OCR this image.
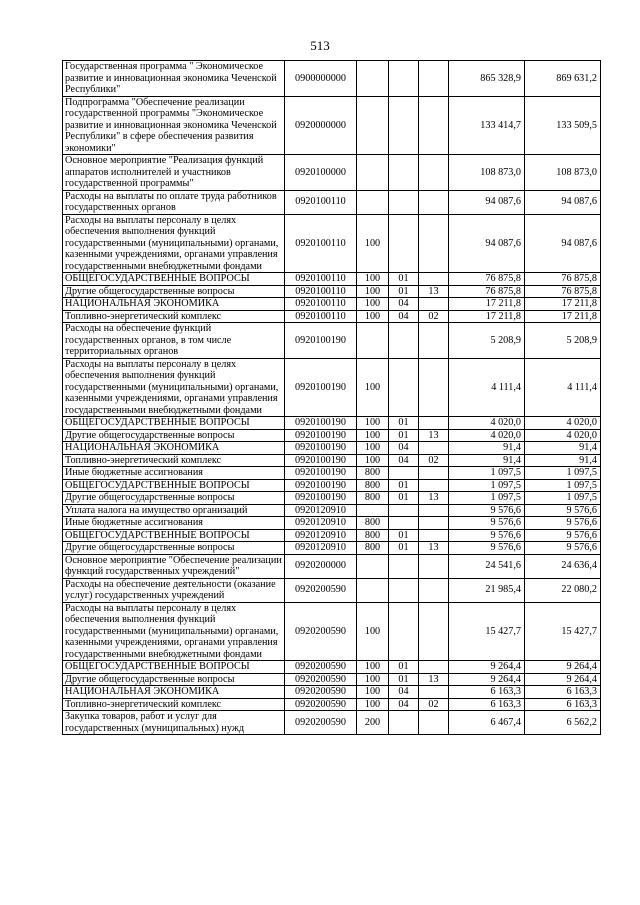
513
Государственная программа " Экономическое развитие и инновационная экономика Чеченской Республики"	0900000000				865 328,9	869 631,2
Подпрограмма "Обеспечение реализации государственной программы "Экономическое развитие и инновационная экономика Чеченской Республики" в сфере обеспечения развития экономики"	0920000000				133 414,7	133 509,5
Основное мероприятие "Реализация функций аппаратов исполнителей и участников государственной программы"	0920100000				108 873,0	108 873,0
Расходы на выплаты по оплате труда работников государственных органов	0920100110				94 087,6	94 087,6
Расходы на выплаты персоналу в целях обеспечения выполнения функций государственными (муниципальными) органами, казенными учреждениями, органами управления государственными внебюджетными фондами	0920100110	100			94 087,6	94 087,6
ОБЩЕГОСУДАРСТВЕННЫЕ ВОПРОСЫ	0920100110	100	01		76 875,8	76 875,8
Другие общегосударственные вопросы	0920100110	100	01	13	76 875,8	76 875,8
НАЦИОНАЛЬНАЯ ЭКОНОМИКА	0920100110	100	04		17 211,8	17 211,8
Топливно-энергетический комплекс	0920100110	100	04	02	17 211,8	17 211,8
Расходы на обеспечение функций государственных органов, в том числе территориальных органов	0920100190				5 208,9	5 208,9
Расходы на выплаты персоналу в целях обеспечения выполнения функций государственными (муниципальными) органами, казенными учреждениями, органами управления государственными внебюджетными фондами	0920100190	100			4 111,4	4 111,4
ОБЩЕГОСУДАРСТВЕННЫЕ ВОПРОСЫ	0920100190	100	01		4 020,0	4 020,0
Другие общегосударственные вопросы	0920100190	100	01	13	4 020,0	4 020,0
НАЦИОНАЛЬНАЯ ЭКОНОМИКА	0920100190	100	04		91,4	91,4
Топливно-энергетический комплекс	0920100190	100	04	02	91,4	91,4
Иные бюджетные ассигнования	0920100190	800			1 097,5	1 097,5
ОБЩЕГОСУДАРСТВЕННЫЕ ВОПРОСЫ	0920100190	800	01		1 097,5	1 097,5
Другие общегосударственные вопросы	0920100190	800	01	13	1 097,5	1 097,5
Уплата налога на имущество организаций	0920120910				9 576,6	9 576,6
Иные бюджетные ассигнования	0920120910	800			9 576,6	9 576,6
ОБЩЕГОСУДАРСТВЕННЫЕ ВОПРОСЫ	0920120910	800	01		9 576,6	9 576,6
Другие общегосударственные вопросы	0920120910	800	01	13	9 576,6	9 576,6
Основное мероприятие "Обеспечение реализации функций государственных учреждений"	0920200000				24 541,6	24 636,4
Расходы на обеспечение деятельности (оказание услуг) государственных учреждений	0920200590				21 985,4	22 080,2
Расходы на выплаты персоналу в целях обеспечения выполнения функций государственными (муниципальными) органами, казенными учреждениями, органами управления государственными внебюджетными фондами	0920200590	100			15 427,7	15 427,7
ОБЩЕГОСУДАРСТВЕННЫЕ ВОПРОСЫ	0920200590	100	01		9 264,4	9 264,4
Другие общегосударственные вопросы	0920200590	100	01	13	9 264,4	9 264,4
НАЦИОНАЛЬНАЯ ЭКОНОМИКА	0920200590	100	04		6 163,3	6 163,3
Топливно-энергетический комплекс	0920200590	100	04	02	6 163,3	6 163,3
Закупка товаров, работ и услуг для государственных (муниципальных) нужд	0920200590	200			6 467,4	6 562,2
